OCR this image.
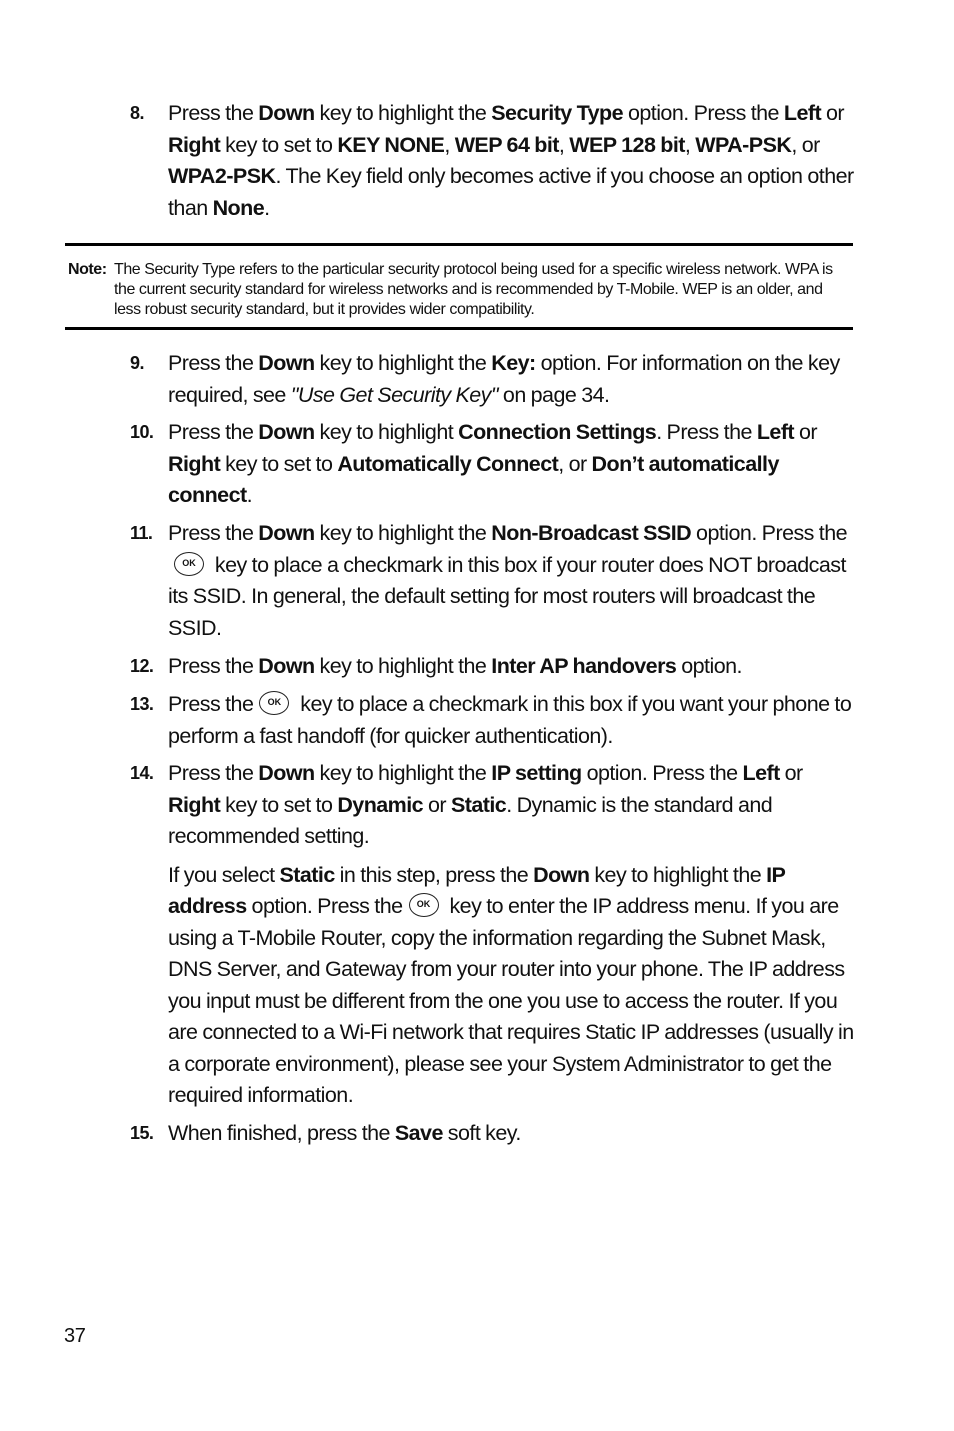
8.	Press the Down key to highlight the Security Type option. Press the Left or Right key to set to KEY NONE, WEP 64 bit, WEP 128 bit, WPA-PSK, or WPA2-PSK. The Key field only becomes active if you choose an option other than None.

Note: The Security Type refers to the particular security protocol being used for a specific wireless network. WPA is the current security standard for wireless networks and is recommended by T-Mobile. WEP is an older, and less robust security standard, but it provides wider compatibility.
9.	Press the Down key to highlight the Key: option. For information on the key required, see "Use Get Security Key" on page 34.

10. Press the Down key to highlight Connection Settings. Press the Left or Right key to set to Automatically Connect, or Don’t automatically connect.

11. Press the Down key to highlight the Non-Broadcast SSID option. Press theOK key to place a checkmark in this box if your router does NOT broadcast its SSID. In general, the default setting for most routers will broadcast the SSID.

12. Press the Down key to highlight the Inter AP handovers option.

13. Press the OK key to place a checkmark in this box if you want your phone to perform a fast handoff (for quicker authentication).

14. Press the Down key to highlight the IP setting option. Press the Left or Right key to set to Dynamic or Static. Dynamic is the standard and recommended setting.

If you select Static in this step, press the Down key to highlight the IP address option. Press the OK key to enter the IP address menu. If you are using a T-Mobile Router, copy the information regarding the Subnet Mask, DNS Server, and Gateway from your router into your phone. The IP address you input must be different from the one you use to access the router. If you are connected to a Wi-Fi network that requires Static IP addresses (usually in a corporate environment), please see your System Administrator to get the required information.

15. When finished, press the Save soft key.

37
